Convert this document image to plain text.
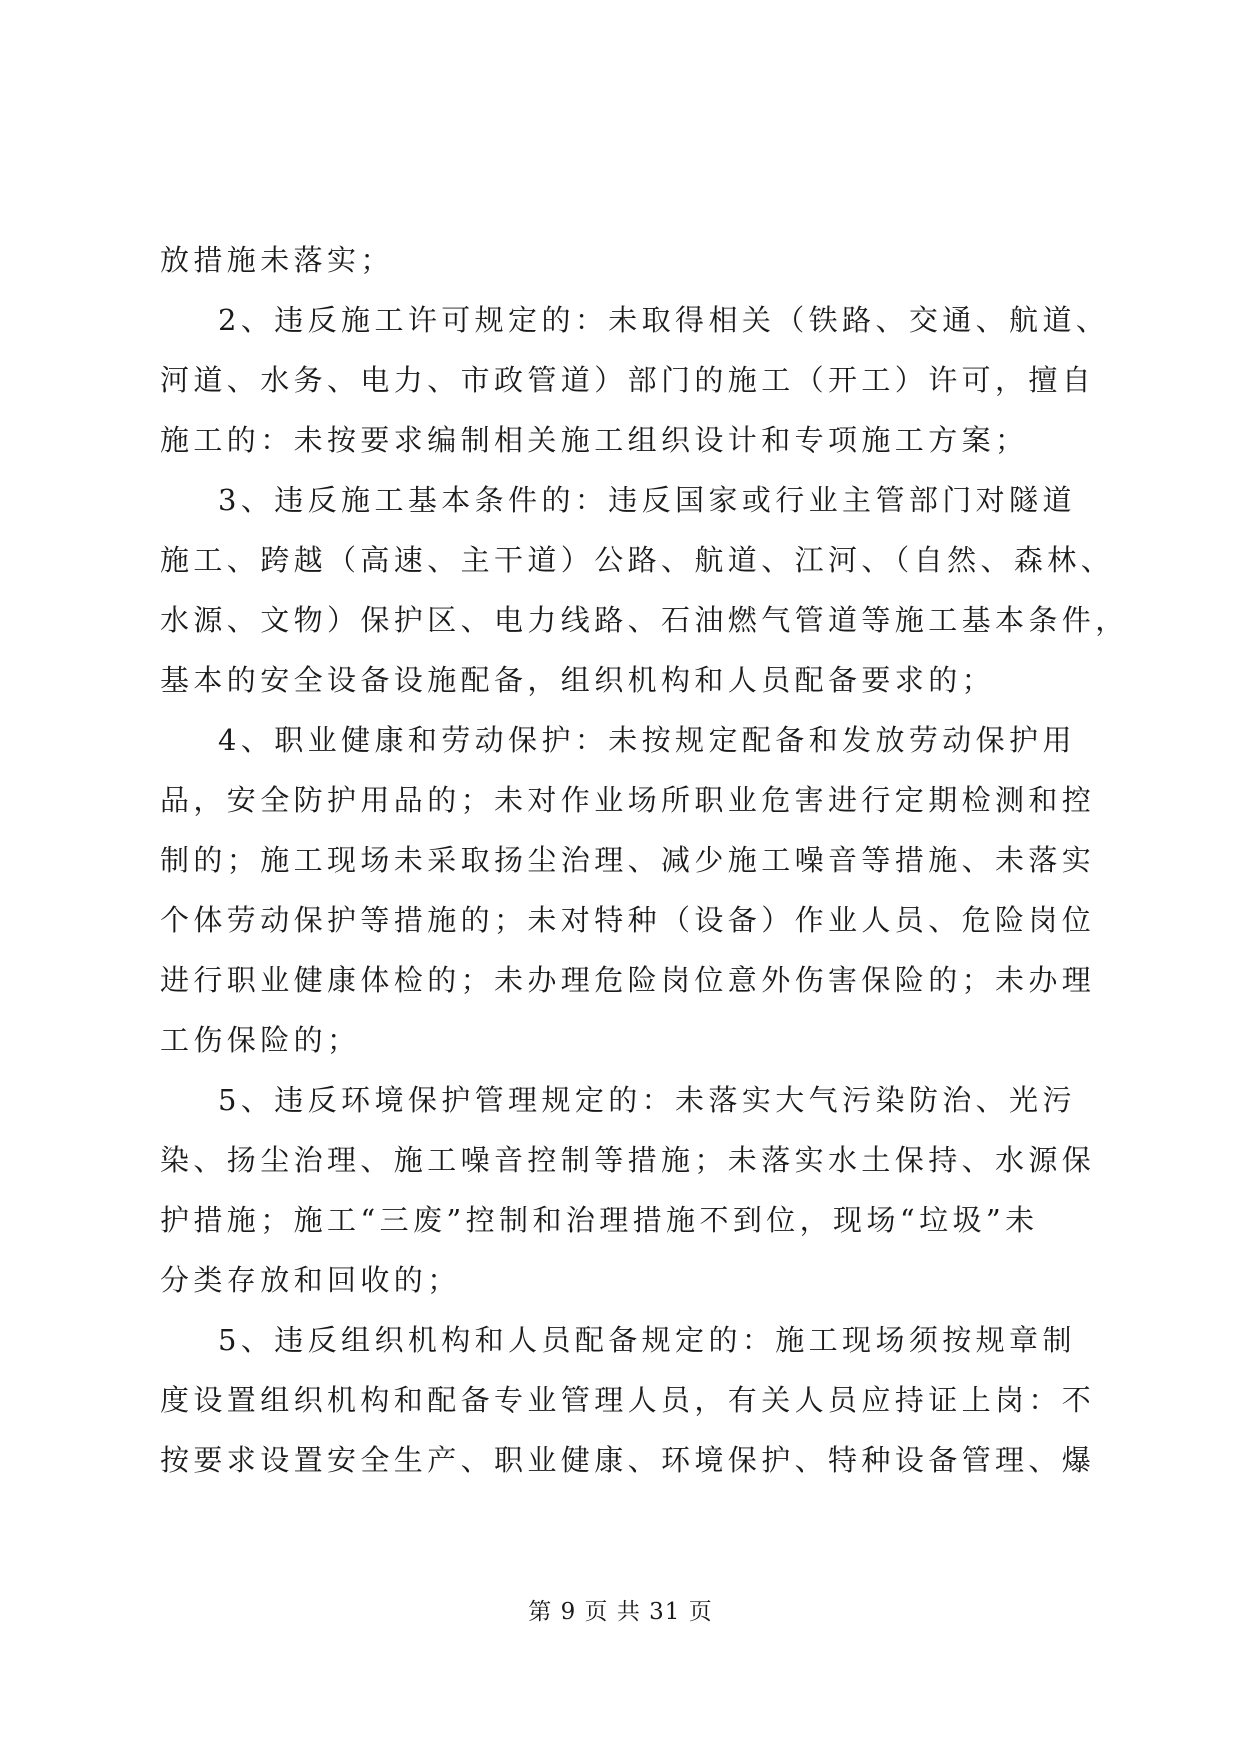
放措施未落实；
2、违反施工许可规定的：未取得相关（铁路、交通、航道、
河道、水务、电力、市政管道）部门的施工（开工）许可，擅自
施工的：未按要求编制相关施工组织设计和专项施工方案；
3、违反施工基本条件的：违反国家或行业主管部门对隧道
施工、跨越（高速、主干道）公路、航道、江河、（自然、森林、
水源、文物）保护区、电力线路、石油燃气管道等施工基本条件，
基本的安全设备设施配备，组织机构和人员配备要求的；
4、职业健康和劳动保护：未按规定配备和发放劳动保护用
品，安全防护用品的；未对作业场所职业危害进行定期检测和控
制的；施工现场未采取扬尘治理、减少施工噪音等措施、未落实
个体劳动保护等措施的；未对特种（设备）作业人员、危险岗位
进行职业健康体检的；未办理危险岗位意外伤害保险的；未办理
工伤保险的；
5、违反环境保护管理规定的：未落实大气污染防治、光污
染、扬尘治理、施工噪音控制等措施；未落实水土保持、水源保
护措施；施工“三废”控制和治理措施不到位，现场“垃圾”未
分类存放和回收的；
5、违反组织机构和人员配备规定的：施工现场须按规章制
度设置组织机构和配备专业管理人员，有关人员应持证上岗：不
按要求设置安全生产、职业健康、环境保护、特种设备管理、爆
第 9 页 共 31 页
